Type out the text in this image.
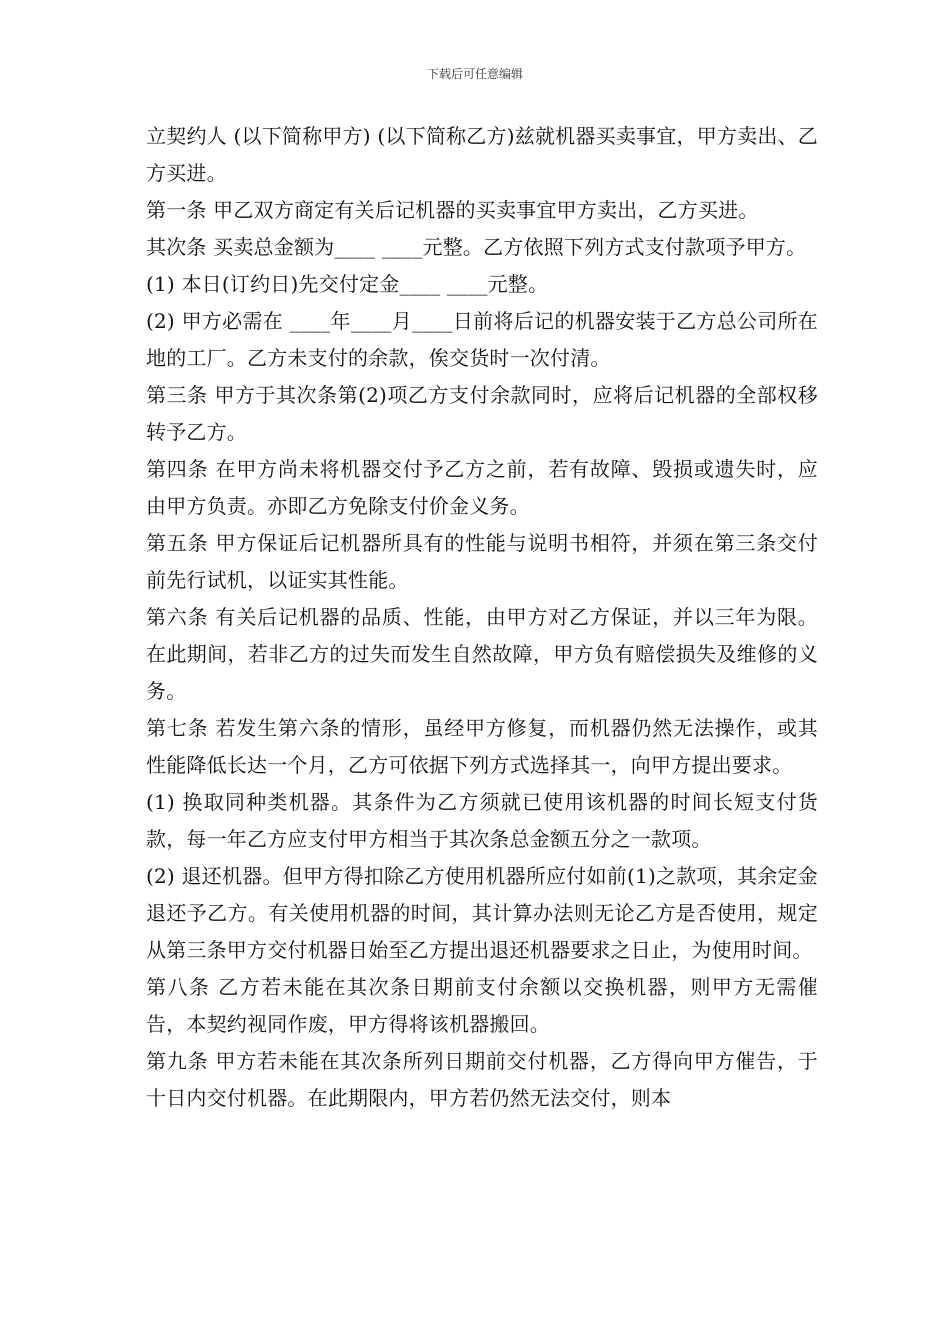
下载后可任意编辑

立契约人 (以下简称甲方) (以下简称乙方)兹就机器买卖事宜，甲方卖出、乙方买进。

第一条 甲乙双方商定有关后记机器的买卖事宜甲方卖出，乙方买进。

其次条 买卖总金额为____ ____元整。乙方依照下列方式支付款项予甲方。

(1) 本日(订约日)先交付定金____ ____元整。

(2) 甲方必需在 ____年____月____日前将后记的机器安装于乙方总公司所在地的工厂。乙方未支付的余款，俟交货时一次付清。

第三条 甲方于其次条第(2)项乙方支付余款同时，应将后记机器的全部权移转予乙方。

第四条 在甲方尚未将机器交付予乙方之前，若有故障、毁损或遗失时，应由甲方负责。亦即乙方免除支付价金义务。

第五条 甲方保证后记机器所具有的性能与说明书相符，并须在第三条交付前先行试机，以证实其性能。

第六条 有关后记机器的品质、性能，由甲方对乙方保证，并以三年为限。在此期间，若非乙方的过失而发生自然故障，甲方负有赔偿损失及维修的义务。

第七条 若发生第六条的情形，虽经甲方修复，而机器仍然无法操作，或其性能降低长达一个月，乙方可依据下列方式选择其一，向甲方提出要求。

(1) 换取同种类机器。其条件为乙方须就已使用该机器的时间长短支付货款，每一年乙方应支付甲方相当于其次条总金额五分之一款项。

(2) 退还机器。但甲方得扣除乙方使用机器所应付如前(1)之款项，其余定金退还予乙方。有关使用机器的时间，其计算办法则无论乙方是否使用，规定从第三条甲方交付机器日始至乙方提出退还机器要求之日止，为使用时间。

第八条 乙方若未能在其次条日期前支付余额以交换机器，则甲方无需催告，本契约视同作废，甲方得将该机器搬回。

第九条 甲方若未能在其次条所列日期前交付机器，乙方得向甲方催告，于十日内交付机器。在此期限内，甲方若仍然无法交付，则本
